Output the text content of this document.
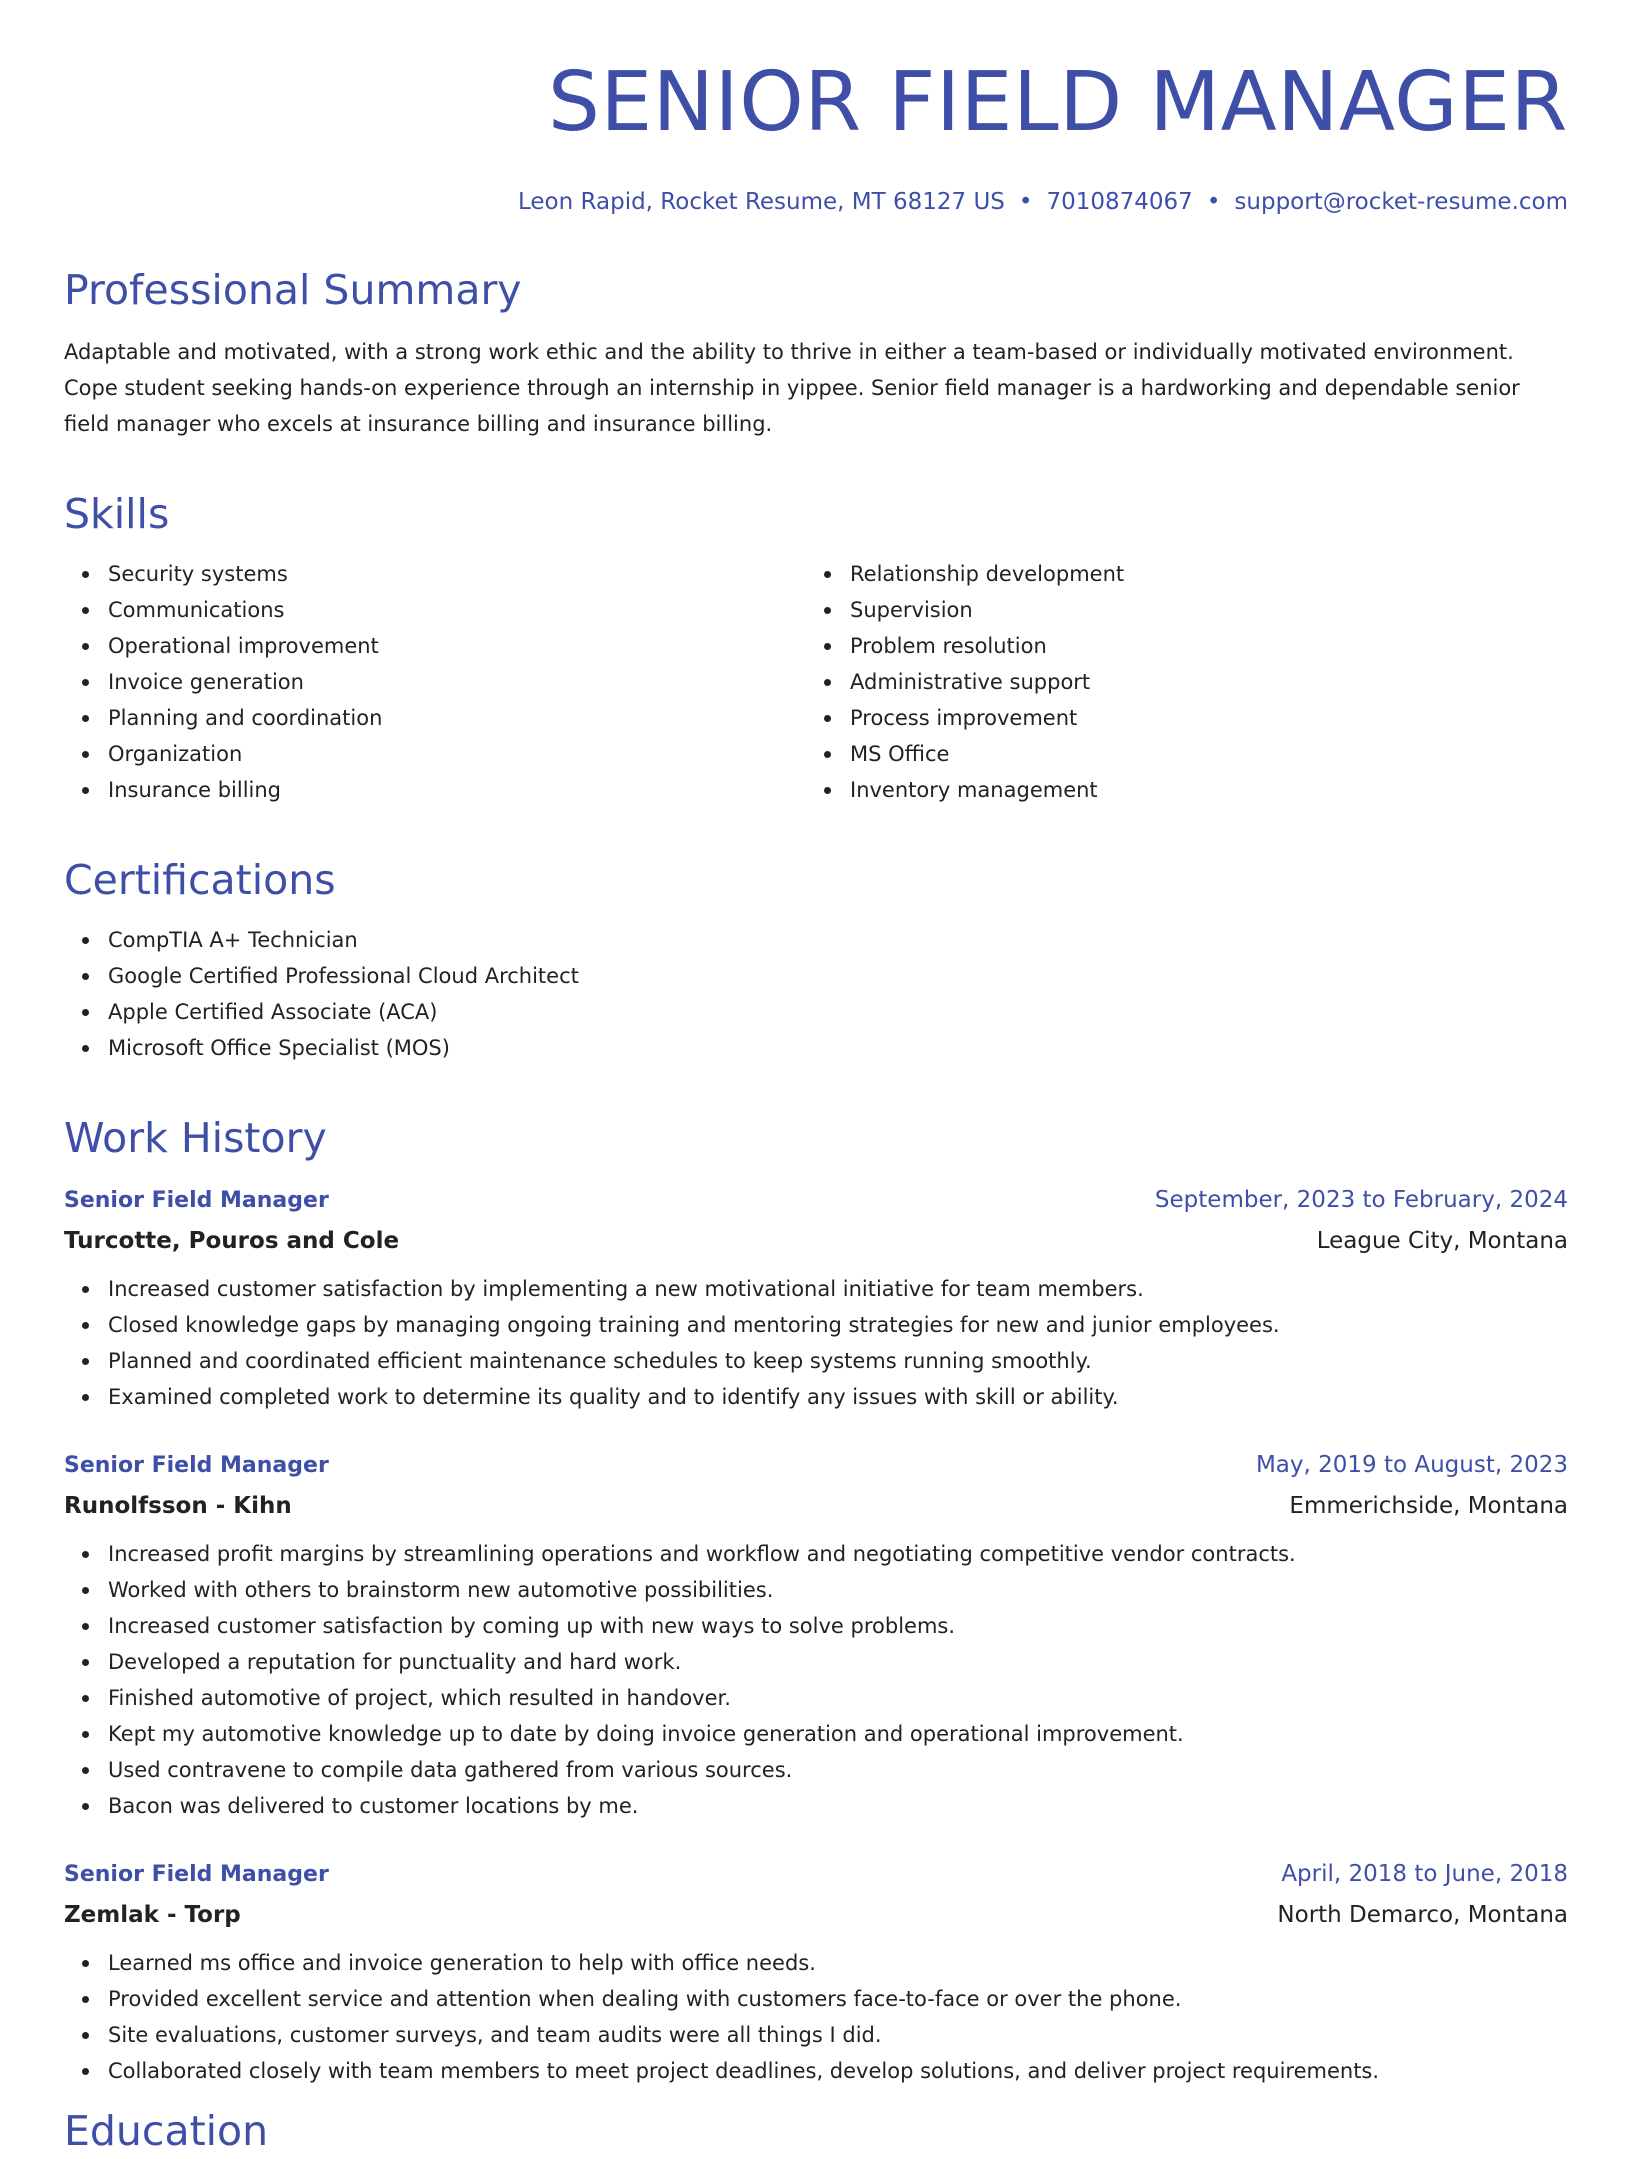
SENIOR FIELD MANAGER
Leon Rapid, Rocket Resume, MT 68127 US • 7010874067 • support@rocket-resume.com
Professional Summary
Adaptable and motivated, with a strong work ethic and the ability to thrive in either a team-based or individually motivated environment. Cope student seeking hands-on experience through an internship in yippee. Senior field manager is a hardworking and dependable senior field manager who excels at insurance billing and insurance billing.
Skills
Security systems
Communications
Operational improvement
Invoice generation
Planning and coordination
Organization
Insurance billing
Relationship development
Supervision
Problem resolution
Administrative support
Process improvement
MS Office
Inventory management
Certifications
CompTIA A+ Technician
Google Certified Professional Cloud Architect
Apple Certified Associate (ACA)
Microsoft Office Specialist (MOS)
Work History
Senior Field Manager	September, 2023 to February, 2024
Turcotte, Pouros and Cole	League City, Montana
Increased customer satisfaction by implementing a new motivational initiative for team members.
Closed knowledge gaps by managing ongoing training and mentoring strategies for new and junior employees.
Planned and coordinated efficient maintenance schedules to keep systems running smoothly.
Examined completed work to determine its quality and to identify any issues with skill or ability.
Senior Field Manager	May, 2019 to August, 2023
Runolfsson - Kihn	Emmerichside, Montana
Increased profit margins by streamlining operations and workflow and negotiating competitive vendor contracts.
Worked with others to brainstorm new automotive possibilities.
Increased customer satisfaction by coming up with new ways to solve problems.
Developed a reputation for punctuality and hard work.
Finished automotive of project, which resulted in handover.
Kept my automotive knowledge up to date by doing invoice generation and operational improvement.
Used contravene to compile data gathered from various sources.
Bacon was delivered to customer locations by me.
Senior Field Manager	April, 2018 to June, 2018
Zemlak - Torp	North Demarco, Montana
Learned ms office and invoice generation to help with office needs.
Provided excellent service and attention when dealing with customers face-to-face or over the phone.
Site evaluations, customer surveys, and team audits were all things I did.
Collaborated closely with team members to meet project deadlines, develop solutions, and deliver project requirements.
Education
